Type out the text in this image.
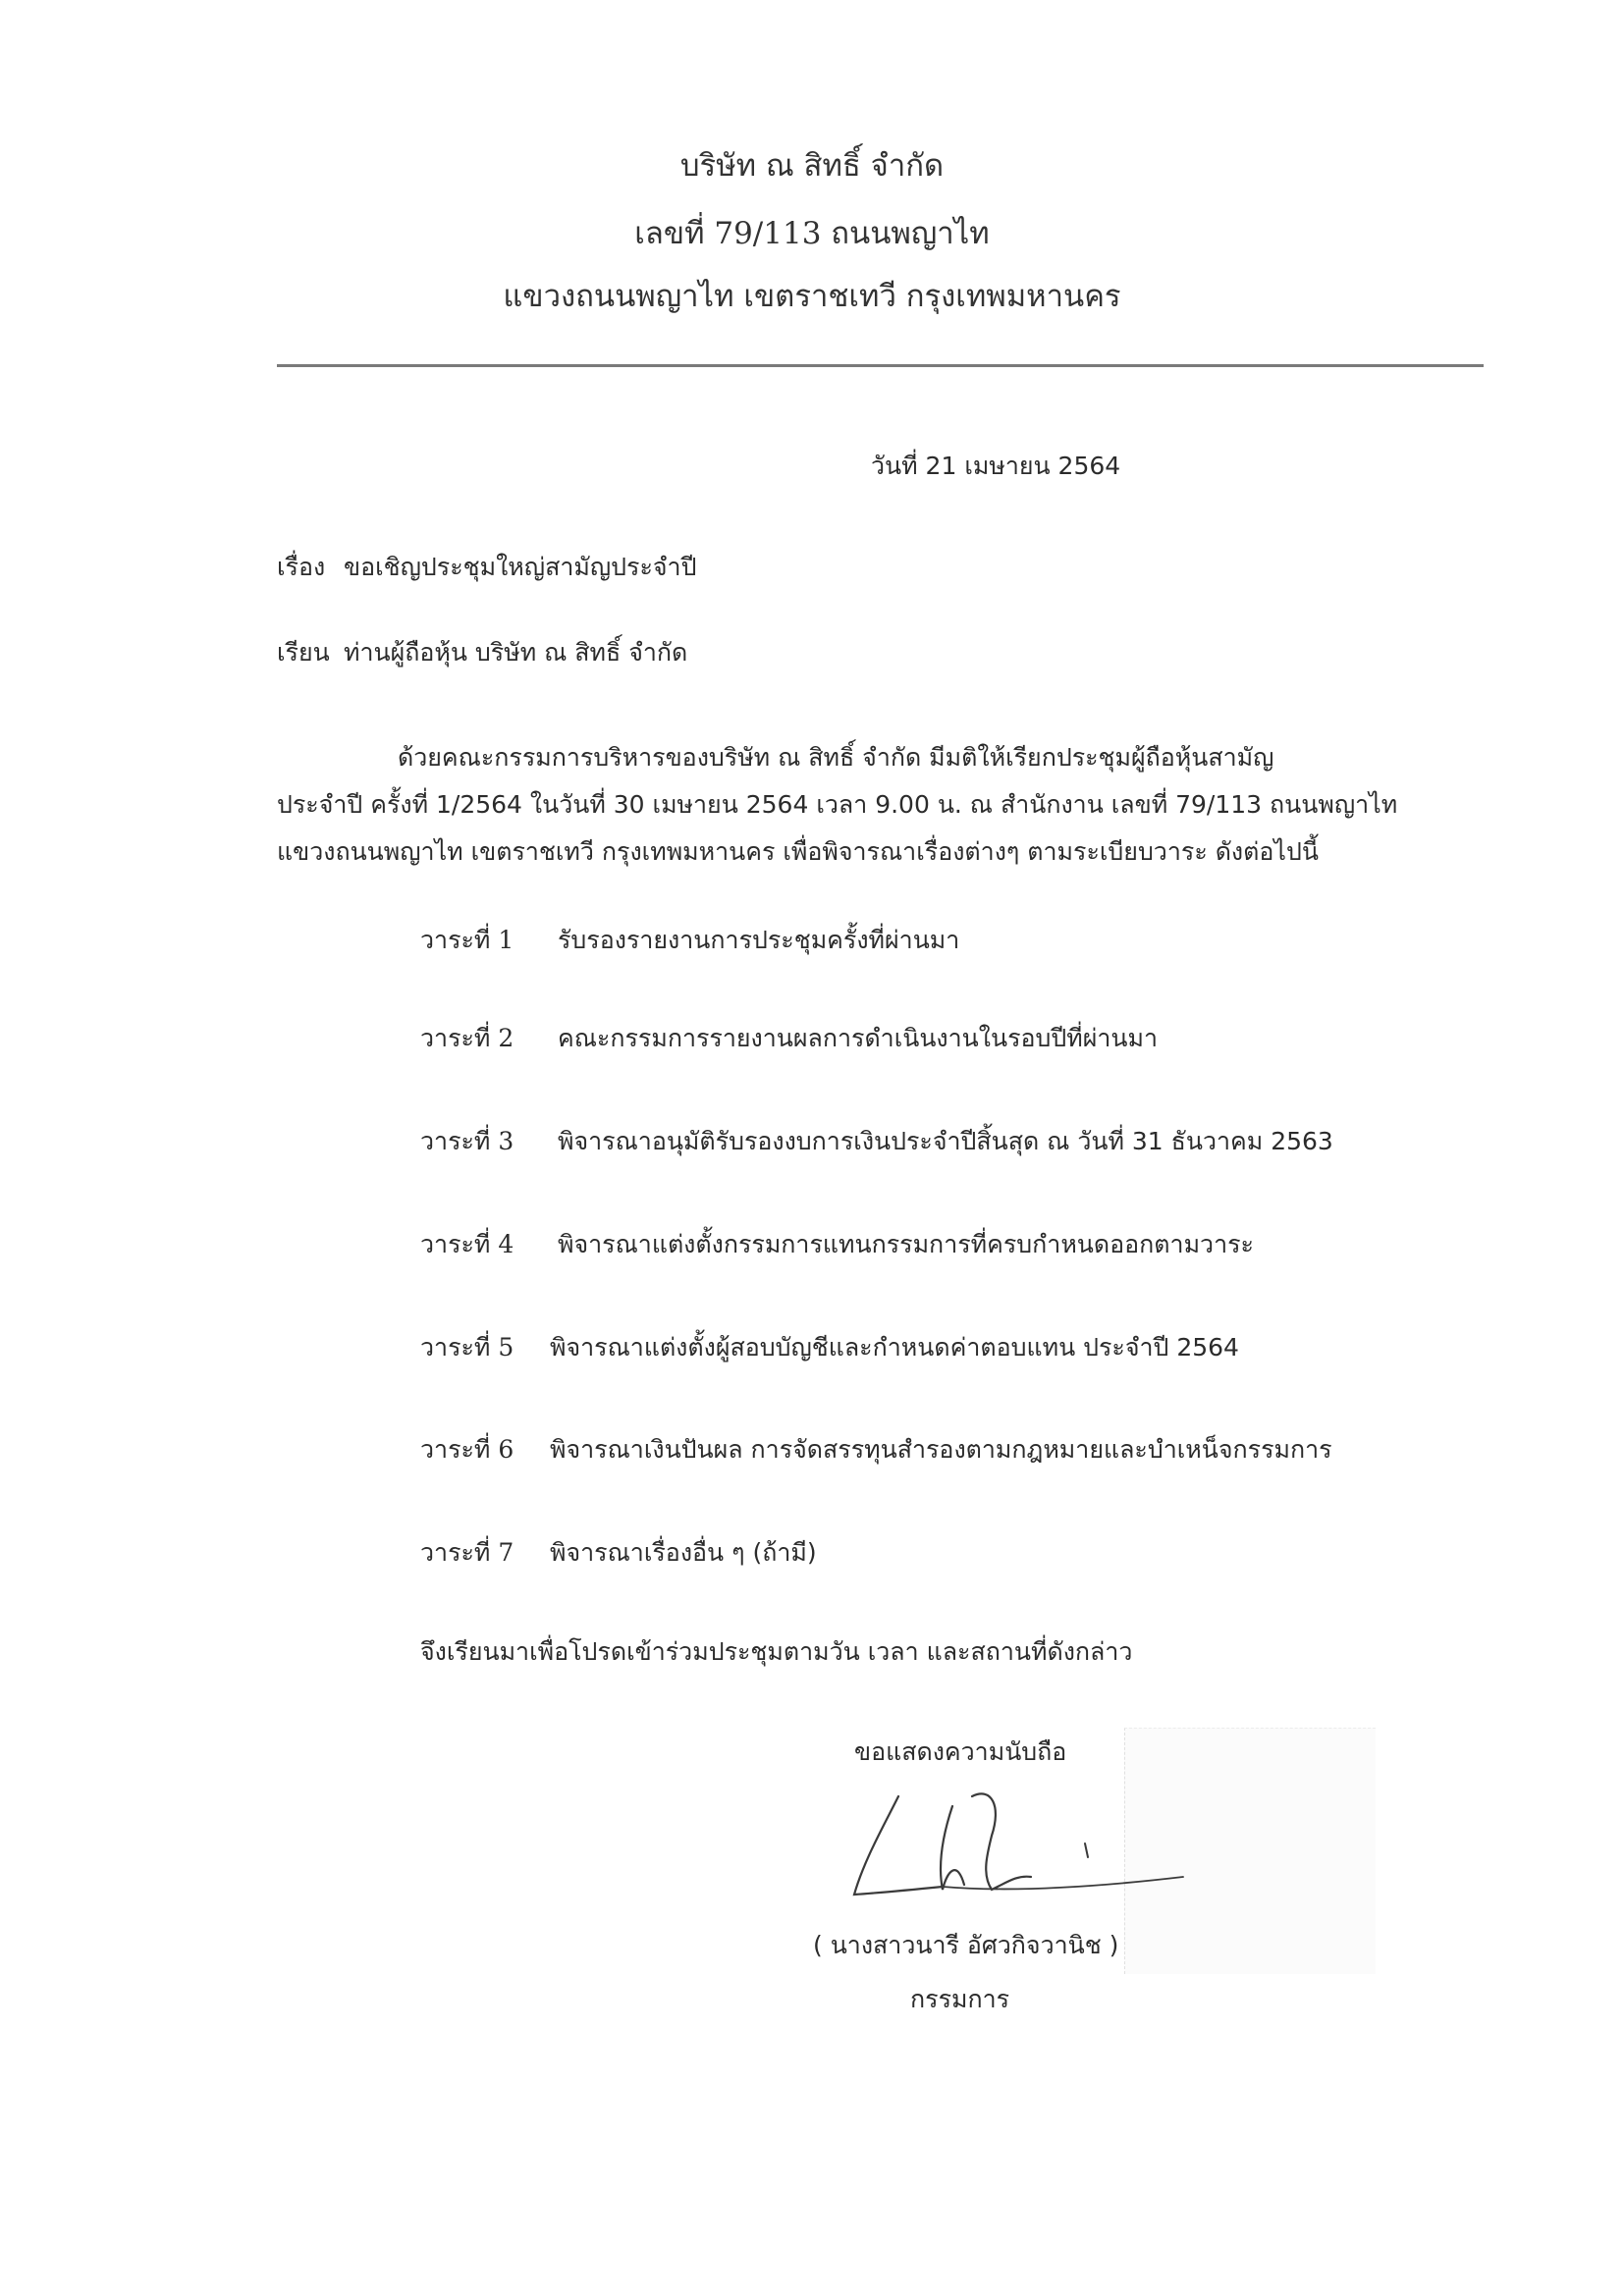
บริษัท ณ สิทธิ์ จำกัด
เลขที่ 79/113 ถนนพญาไท
แขวงถนนพญาไท เขตราชเทวี กรุงเทพมหานคร
วันที่ 21 เมษายน 2564
เรื่อง ขอเชิญประชุมใหญ่สามัญประจำปี
เรียน ท่านผู้ถือหุ้น บริษัท ณ สิทธิ์ จำกัด
ด้วยคณะกรรมการบริหารของบริษัท ณ สิทธิ์ จำกัด มีมติให้เรียกประชุมผู้ถือหุ้นสามัญ
ประจำปี ครั้งที่ 1/2564 ในวันที่ 30 เมษายน 2564 เวลา 9.00 น. ณ สำนักงาน เลขที่ 79/113 ถนนพญาไท
แขวงถนนพญาไท เขตราชเทวี กรุงเทพมหานคร เพื่อพิจารณาเรื่องต่างๆ ตามระเบียบวาระ ดังต่อไปนี้
วาระที่ 1 รับรองรายงานการประชุมครั้งที่ผ่านมา
วาระที่ 2 คณะกรรมการรายงานผลการดำเนินงานในรอบปีที่ผ่านมา
วาระที่ 3 พิจารณาอนุมัติรับรองงบการเงินประจำปีสิ้นสุด ณ วันที่ 31 ธันวาคม 2563
วาระที่ 4 พิจารณาแต่งตั้งกรรมการแทนกรรมการที่ครบกำหนดออกตามวาระ
วาระที่ 5 พิจารณาแต่งตั้งผู้สอบบัญชีและกำหนดค่าตอบแทน ประจำปี 2564
วาระที่ 6 พิจารณาเงินปันผล การจัดสรรทุนสำรองตามกฎหมายและบำเหน็จกรรมการ
วาระที่ 7 พิจารณาเรื่องอื่น ๆ (ถ้ามี)
จึงเรียนมาเพื่อโปรดเข้าร่วมประชุมตามวัน เวลา และสถานที่ดังกล่าว
ขอแสดงความนับถือ
( นางสาวนารี อัศวกิจวานิช )
กรรมการ
